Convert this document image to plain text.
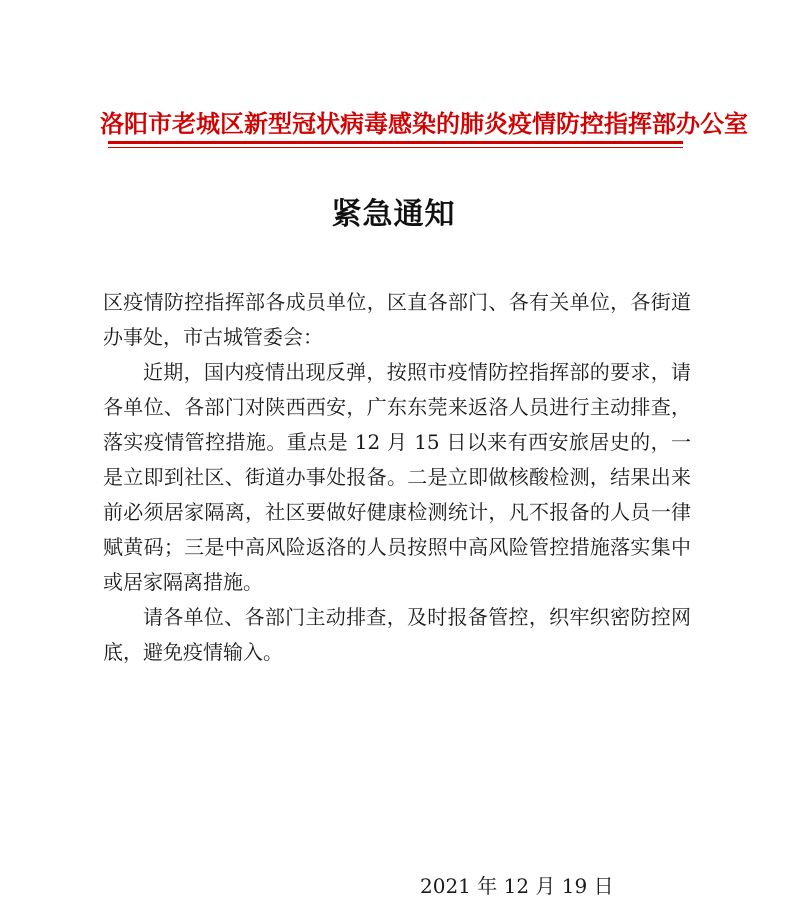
洛阳市老城区新型冠状病毒感染的肺炎疫情防控指挥部办公室
紧急通知

区疫情防控指挥部各成员单位，区直各部门、各有关单位，各街道办事处，市古城管委会：

近期，国内疫情出现反弹，按照市疫情防控指挥部的要求，请各单位、各部门对陕西西安，广东东莞来返洛人员进行主动排查，落实疫情管控措施。重点是 12 月 15 日以来有西安旅居史的，一是立即到社区、街道办事处报备。二是立即做核酸检测，结果出来前必须居家隔离，社区要做好健康检测统计，凡不报备的人员一律赋黄码；三是中高风险返洛的人员按照中高风险管控措施落实集中或居家隔离措施。

请各单位、各部门主动排查，及时报备管控，织牢织密防控网底，避免疫情输入。

2021 年 12 月 19 日
